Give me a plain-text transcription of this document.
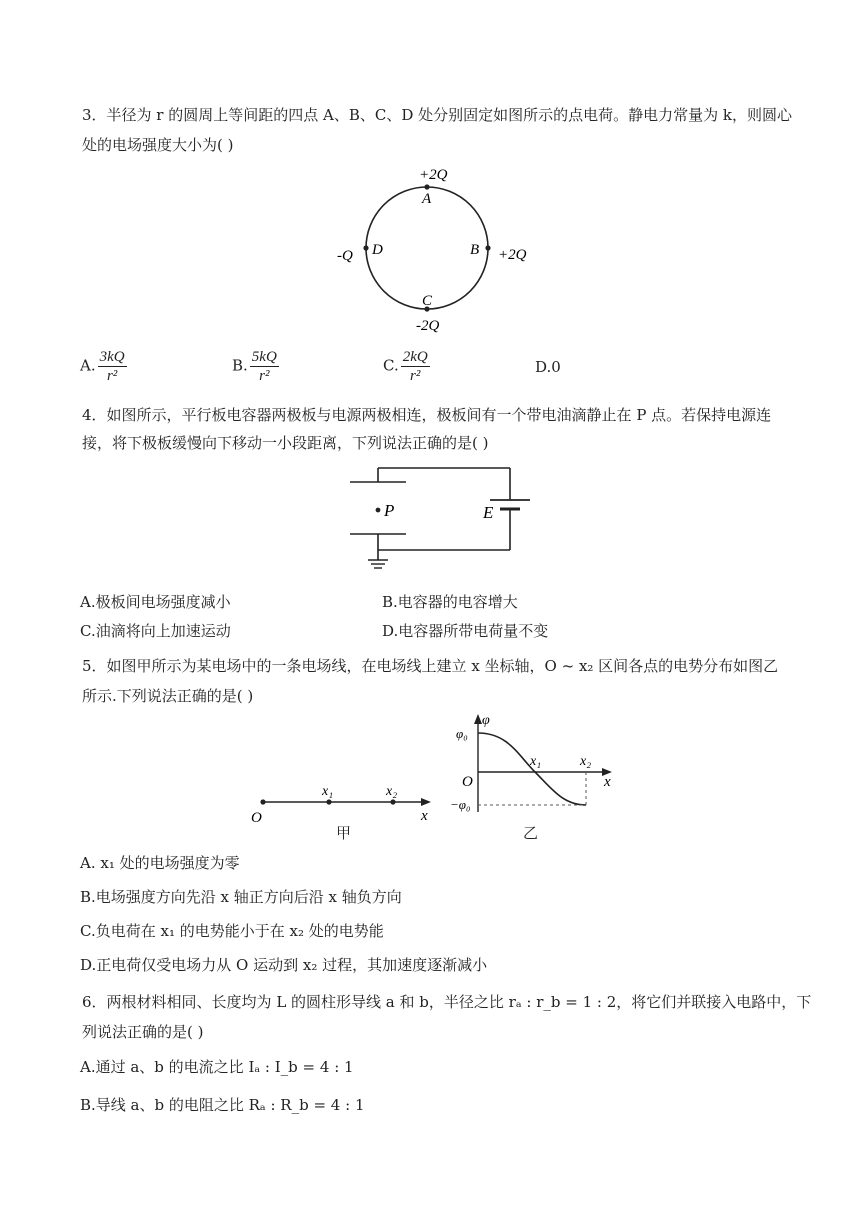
3．半径为 r 的圆周上等间距的四点 A、B、C、D 处分别固定如图所示的点电荷。静电力常量为 k，则圆心
处的电场强度大小为( )
+2Q
A
+2Q
B
-2Q
C
-Q D
A. $\frac{3kQ}{\text{r²}}$	B. $\frac{5kQ}{\text{r²}}$	C. $\frac{2kQ}{\text{r²}}$	D.0
4．如图所示，平行板电容器两极板与电源两极相连，极板间有一个带电油滴静止在 P 点。若保持电源连
接，将下极板缓慢向下移动一小段距离，下列说法正确的是( )
P	E
A.极板间电场强度减小	B.电容器的电容增大
C.油滴将向上加速运动	D.电容器所带电荷量不变
5．如图甲所示为某电场中的一条电场线，在电场线上建立 x 坐标轴，O ~ x₂ 区间各点的电势分布如图乙
所示.下列说法正确的是( )
O
x₁	x₂
x
甲
φ
φ₀
−φ₀
O
x₁	x₂
x
乙
A. x₁ 处的电场强度为零
B.电场强度方向先沿 x 轴正方向后沿 x 轴负方向
C.负电荷在 x₁ 的电势能小于在 x₂ 处的电势能
D.正电荷仅受电场力从 O 运动到 x₂ 过程，其加速度逐渐减小
6．两根材料相同、长度均为 L 的圆柱形导线 a 和 b，半径之比 rₐ : r_b = 1 : 2，将它们并联接入电路中，下
列说法正确的是( )
A.通过 a、b 的电流之比 Iₐ : I_b = 4 : 1
B.导线 a、b 的电阻之比 Rₐ : R_b = 4 : 1
